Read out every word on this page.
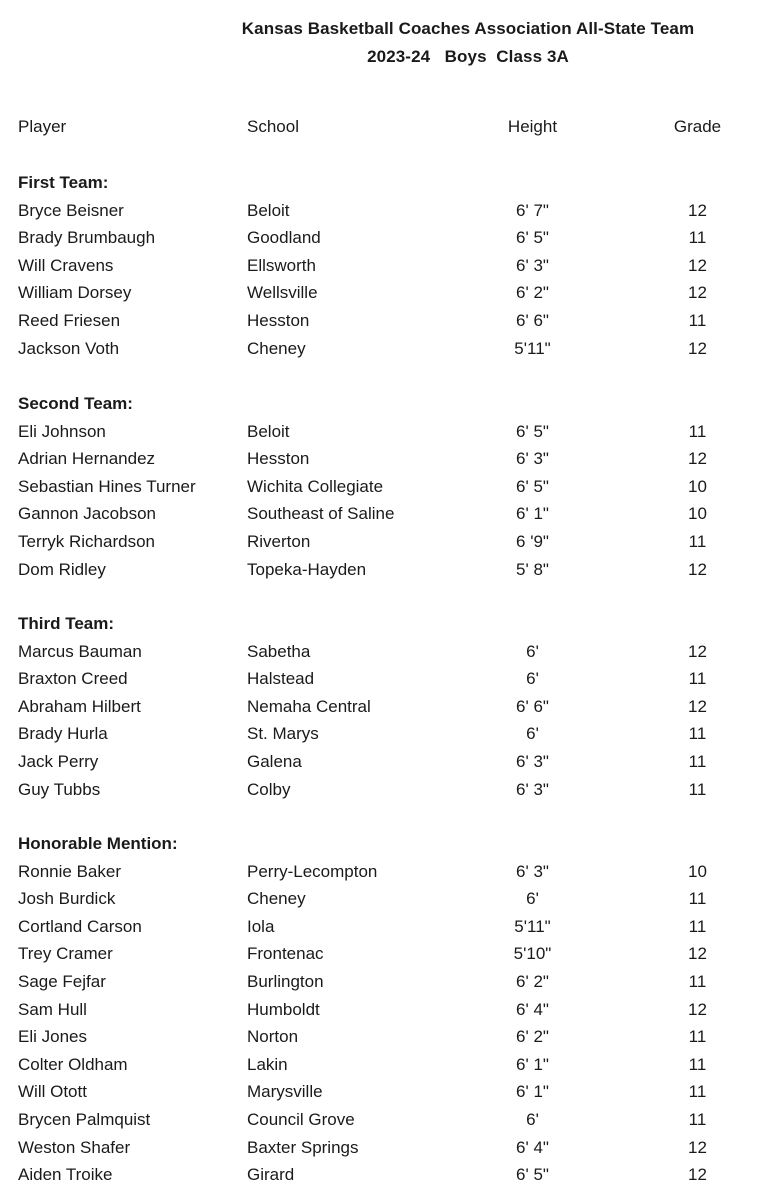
Kansas Basketball Coaches Association All-State Team
2023-24   Boys  Class 3A
Player	School	Height	Grade
First Team:
Bryce Beisner	Beloit	6' 7"	12
Brady Brumbaugh	Goodland	6' 5"	11
Will Cravens	Ellsworth	6' 3"	12
William Dorsey	Wellsville	6' 2"	12
Reed Friesen	Hesston	6' 6"	11
Jackson Voth	Cheney	5'11"	12
Second Team:
Eli Johnson	Beloit	6' 5"	11
Adrian Hernandez	Hesston	6' 3"	12
Sebastian Hines Turner	Wichita Collegiate	6' 5"	10
Gannon Jacobson	Southeast of Saline	6' 1"	10
Terryk Richardson	Riverton	6 '9"	11
Dom Ridley	Topeka-Hayden	5' 8"	12
Third Team:
Marcus Bauman	Sabetha	6'	12
Braxton Creed	Halstead	6'	11
Abraham Hilbert	Nemaha Central	6' 6"	12
Brady Hurla	St. Marys	6'	11
Jack Perry	Galena	6' 3"	11
Guy Tubbs	Colby	6' 3"	11
Honorable Mention:
Ronnie Baker	Perry-Lecompton	6' 3"	10
Josh Burdick	Cheney	6'	11
Cortland Carson	Iola	5'11"	11
Trey Cramer	Frontenac	5'10"	12
Sage Fejfar	Burlington	6' 2"	11
Sam Hull	Humboldt	6' 4"	12
Eli Jones	Norton	6' 2"	11
Colter Oldham	Lakin	6' 1"	11
Will Otott	Marysville	6' 1"	11
Brycen Palmquist	Council Grove	6'	11
Weston Shafer	Baxter Springs	6' 4"	12
Aiden Troike	Girard	6' 5"	12
